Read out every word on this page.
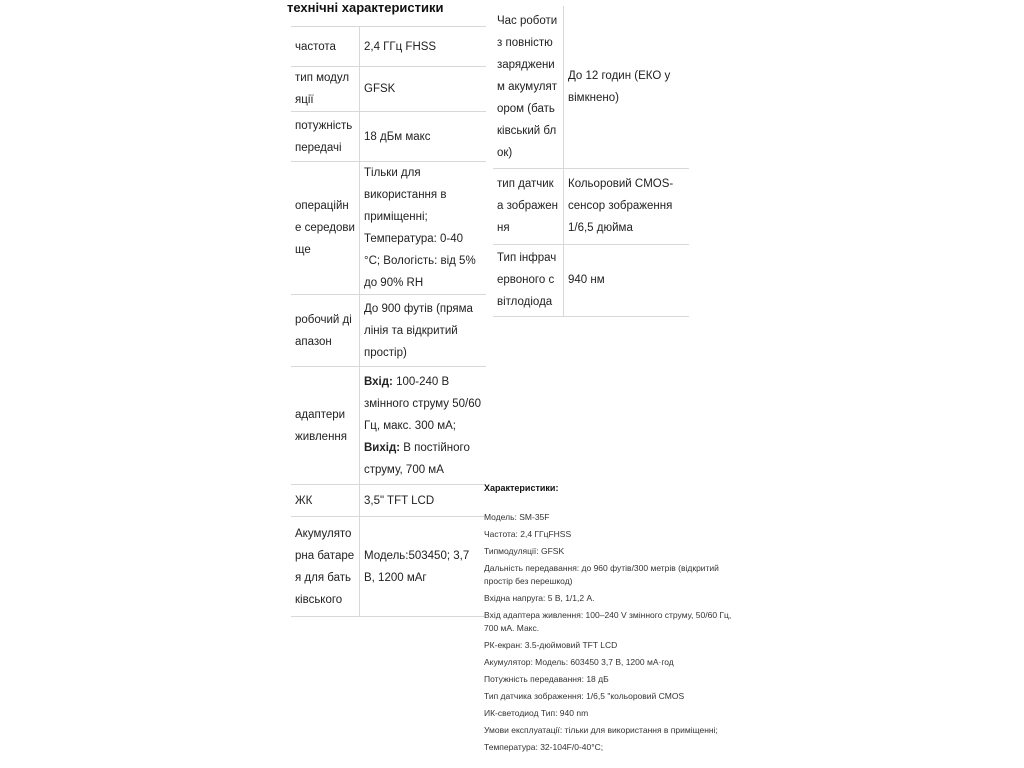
технічні характеристики
частота	2,4 ГГц FHSS
тип модуляції	GFSK
потужність передачі	18 дБм макс
операційне середовище	Тільки для використання в приміщенні; Температура: 0-40 °C; Вологість: від 5% до 90% RH
робочий діапазон	До 900 футів (пряма лінія та відкритий простір)
адаптери живлення	Вхід: 100-240 В змінного струму 50/60 Гц, макс. 300 мА;
Вихід: В постійного струму, 700 мА
ЖК	3,5" TFT LCD
Акумуляторна батарея для батьківського	Модель:503450; 3,7 В, 1200 мАг
Час роботи з повністю зарядженим акумулятором (батьківський блок)	До 12 годин (ЕКО у вімкнено)
тип датчика зображення	Кольоровий CMOS-сенсор зображення 1/6,5 дюйма
Тип інфрачервоного світлодіода	940 нм
Характеристики:
Модель: SM-35F
Частота: 2,4 ГГцFHSS
Типмодуляції: GFSK
Дальність передавання: до 960 футів/300 метрів (відкритий простір без перешкод)
Вхідна напруга: 5 В, 1/1,2 А.
Вхід адаптера живлення: 100–240 V змінного струму, 50/60 Гц, 700 мА. Макс.
РК-екран: 3.5-дюймовий TFT LCD
Акумулятор: Модель: 603450 3,7 В, 1200 мА·год
Потужність передавання: 18 дБ
Тип датчика зображення: 1/6,5 "кольоровий CMOS
ИК-светодиод Тип: 940 nm
Умови експлуатації: тільки для використання в приміщенні;
Температура: 32-104F/0-40°C;
